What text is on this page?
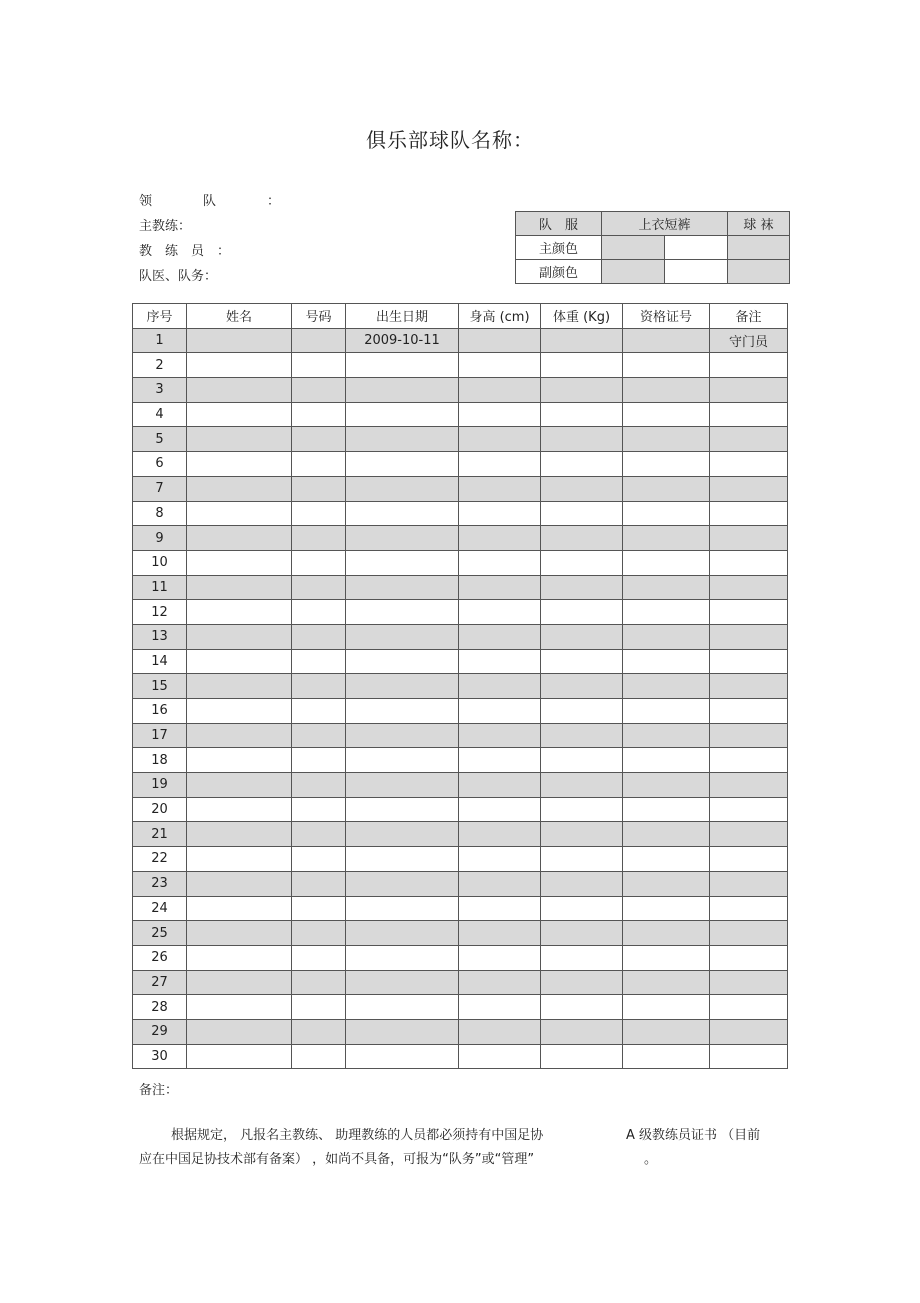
俱乐部球队名称：
领队：
主教练：
教练员：
队医、队务：
队　服	上衣短裤		球 袜
主颜色			
副颜色			
序号	姓名	号码	出生日期	身高 (cm)	体重 (Kg)	资格证号	备注
1			2009-10-11				守门员
2							
3							
4							
5							
6							
7							
8							
9							
10							
11							
12							
13							
14							
15							
16							
17							
18							
19							
20							
21							
22							
23							
24							
25							
26							
27							
28							
29							
30							
备注：
根据规定， 凡报名主教练、 助理教练的人员都必须持有中国足协	A 级教练员证书 （目前
应在中国足协技术部有备案） ，如尚不具备，可报为“队务”或“管理”	。
